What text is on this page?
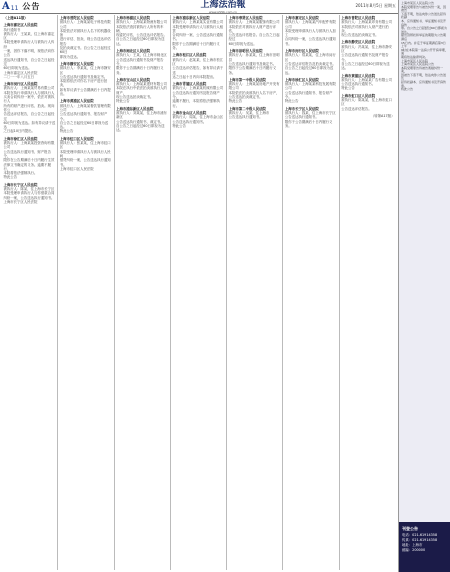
A 11 公告	上海法治報
www.shfzb.com.cn
2011年8月5日 星期五
（上接A11版）
上海市嘉定区人民法院
执行通知书
被执行人：王某某，住上海市嘉定区
本院受理申请执行人与被执行人纠纷
一案，因你下落不明，现依法向你公告
送达执行通知书，自公告之日起经过
60日即视为送达。
上海市嘉定区人民法院
二〇一一年八月五日
上海市闵行区人民法院
被执行人：上海某某贸易有限公司
本院在执行申请执行人与被执行人
买卖合同纠纷一案中，依法对被执行人
所有的财产进行评估、拍卖。现向你公
告送达评估报告，自公告之日起经过
60日即视为送达。如有异议请于送达
之日起10日内提出。
上海市徐汇区人民法院
被执行人：上海某某投资咨询有限公司
公告送达执行通知书、财产报告令，
限你在公告期满后十日内履行生效
法律文书确定的义务。逾期不履行，
本院将依法强制执行。
特此公告
上海市长宁区人民法院
被执行人：陈某，住上海市长宁区
本院受理申请执行人与你借款合同
纠纷一案，公告送达执行通知书。
上海市长宁区人民法院
上海市普陀区人民法院
被执行人：上海某某电子科技有限公司
本院依法对被执行人名下的机器设备
进行评估、拍卖，现公告送达评估报告
及拍卖裁定书。自公告之日起经过60日
即视为送达。
上海市静安区人民法院
被执行人：李某某，住上海市静安区
公告送达执行通知书及裁定书。
本院将依法对你名下房产进行拍卖，
如有异议请于公告期满后十日内提出。
上海市黄浦区人民法院
被执行人：上海某某餐饮管理有限公司
公告送达执行通知书、报告财产令。
自公告之日起经过60日即视为送达。
特此公告
上海市虹口区人民法院
被执行人：张某某，住上海市虹口区
本院受理申请执行人与被执行人民间
借贷纠纷一案，公告送达执行通知书。
上海市虹口区人民法院
上海市杨浦区人民法院
被执行人：上海某某物流有限公司
本院依法查封被执行人所有的车辆，
现委托评估，公告送达评估报告。
自公告之日起经过60日即视为送达。
上海市闸北区人民法院
被执行人：王某，住上海市闸北区
公告送达执行通知书及财产报告令，
限你于公告期满后十日内履行义务。
上海市宝山区人民法院
被执行人：上海某某建材有限公司
本院在执行中依法拍卖被执行人的财产，
现公告送达拍卖裁定书。
特此公告
上海市浦东新区人民法院
被执行人：刘某某，住上海市浦东新区
公告送达执行通知书、裁定书。
自公告之日起经过60日即视为送达。
上海市浦东新区人民法院
被执行人：上海某某实业有限公司
本院受理申请执行人与被执行人租赁
合同纠纷一案，公告送达执行通知书。
限你于公告期满后十日内履行义务。
上海市松江区人民法院
被执行人：赵某某，住上海市松江区
公告送达评估报告，如有异议请于送
达之日起十日内向本院提出。
上海市青浦区人民法院
被执行人：上海某某机械有限公司
公告送达执行通知书及报告财产令。
逾期不履行，本院将依法强制执行。
上海市金山区人民法院
被执行人：周某，住上海市金山区
公告送达执行通知书。
特此公告
上海市奉贤区人民法院
被执行人：上海某某服饰有限公司
本院依法对被执行人财产进行评估，
公告送达评估报告。自公告之日起经过
60日即视为送达。
上海市崇明县人民法院
被执行人：孙某某，住上海市崇明县
公告送达执行通知书及裁定书。
限你于公告期满后十日内履行义务。
上海市第一中级人民法院
被执行人：上海某某房地产开发有限公司
本院依法拍卖被执行人名下房产，
公告送达拍卖裁定书。
特此公告
上海市第二中级人民法院
被执行人：吴某，住上海市
公告送达执行通知书。
上海市嘉定区人民法院
被执行人：上海某某汽车配件有限公司
本院受理申请执行人与被执行人加工
合同纠纷一案，公告送达执行通知书。
上海市闵行区人民法院
被执行人：郑某某，住上海市闵行区
公告送达评估报告及拍卖裁定书。
自公告之日起经过60日即视为送达。
上海市徐汇区人民法院
被执行人：上海某某科技发展有限公司
公告送达执行通知书、报告财产令。
特此公告
上海市长宁区人民法院
被执行人：钱某，住上海市长宁区
公告送达执行通知书。
限你于公告期满后十日内履行义务。
上海市普陀区人民法院
被执行人：上海某某印务有限公司
本院依法对被执行人财产进行拍卖，
现公告送达拍卖裁定书。
上海市静安区人民法院
被执行人：冯某某，住上海市静安区
公告送达执行通知书及财产报告令。
自公告之日起经过60日即视为送达。
上海市黄浦区人民法院
被执行人：上海某某广告有限公司
公告送达执行通知书。
特此公告
上海市虹口区人民法院
被执行人：陈某某，住上海市虹口区
公告送达评估报告。
（转第A17版）
上海市某区人民法院公告
本院受理原告与被告纠纷一案，因被告
下落不明，依法向你公告送达起诉状副
本、应诉通知书、举证通知书及开庭传
票。自公告之日起经过60日即视为送达。
提出答辩状和举证的期限为公告期满后
15日内。并定于举证期满后第3日上午
9时在本院第一法庭公开开庭审理，逾
期将依法缺席判决。
上海市某区人民法院
上海市某区人民法院公告
本院受理原告诉被告离婚纠纷一案，
因被告下落不明，依法向你公告送达
起诉状副本、应诉通知书及开庭传票。
特此公告
刊登公告
电话：021-61914358
传真：021-61914358
地址：上海市
邮编：200000
